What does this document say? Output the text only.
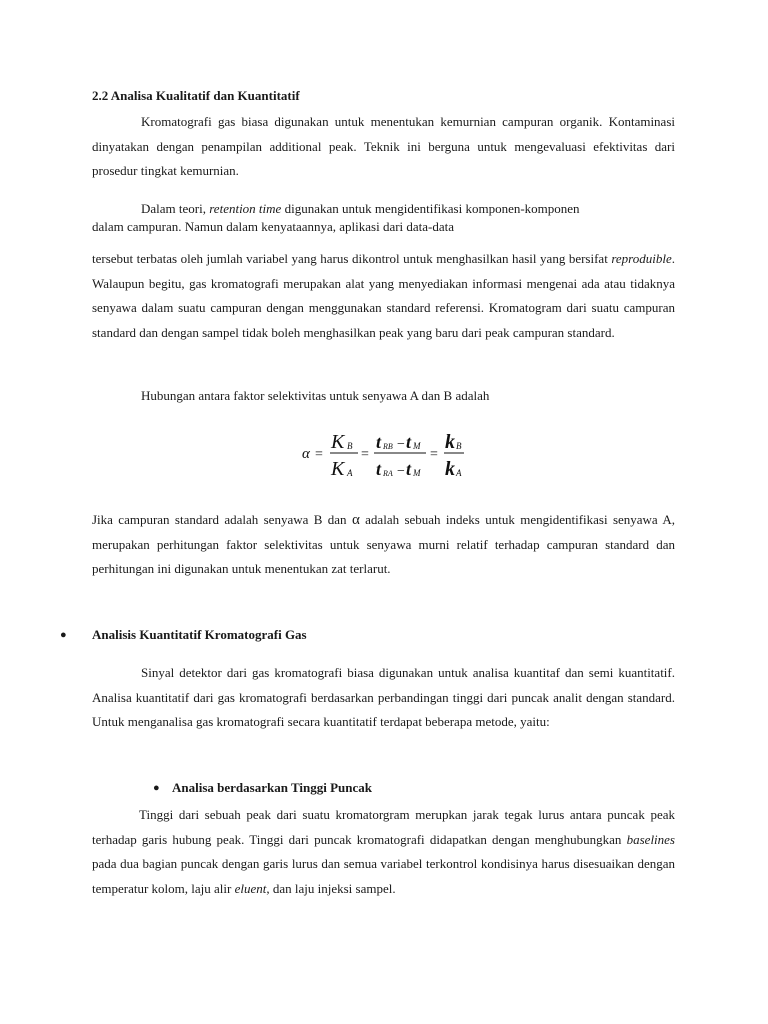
2.2 Analisa Kualitatif dan Kuantitatif

Kromatografi gas biasa digunakan untuk menentukan kemurnian campuran organik. Kontaminasi dinyatakan dengan penampilan additional peak. Teknik ini berguna untuk mengevaluasi efektivitas dari prosedur tingkat kemurnian.

Dalam teori, retention time digunakan untuk mengidentifikasi komponen-komponen

dalam campuran. Namun dalam kenyataannya, aplikasi dari data-data

tersebut terbatas oleh jumlah variabel yang harus dikontrol untuk menghasilkan hasil yang bersifat reproduible. Walaupun begitu, gas kromatografi merupakan alat yang menyediakan informasi mengenai ada atau tidaknya senyawa dalam suatu campuran dengan menggunakan standard referensi. Kromatogram dari suatu campuran standard dan dengan sampel tidak boleh menghasilkan peak yang baru dari peak campuran standard.

Hubungan antara faktor selektivitas untuk senyawa A dan B adalah

α =
K B
K A
=
t RB − t M
t RA − t M
=
k B
k A

Jika campuran standard adalah senyawa B dan α adalah sebuah indeks untuk mengidentifikasi senyawa A, merupakan perhitungan faktor selektivitas untuk senyawa murni relatif terhadap campuran standard dan perhitungan ini digunakan untuk menentukan zat terlarut.

● Analisis Kuantitatif Kromatografi Gas

Sinyal detektor dari gas kromatografi biasa digunakan untuk analisa kuantitaf dan semi kuantitatif. Analisa kuantitatif dari gas kromatografi berdasarkan perbandingan tinggi dari puncak analit dengan standard. Untuk menganalisa gas kromatografi secara kuantitatif terdapat beberapa metode, yaitu:

● Analisa berdasarkan Tinggi Puncak

Tinggi dari sebuah peak dari suatu kromatorgram merupkan jarak tegak lurus antara puncak peak terhadap garis hubung peak. Tinggi dari puncak kromatografi didapatkan dengan menghubungkan baselines pada dua bagian puncak dengan garis lurus dan semua variabel terkontrol kondisinya harus disesuaikan dengan temperatur kolom, laju alir eluent, dan laju injeksi sampel.
